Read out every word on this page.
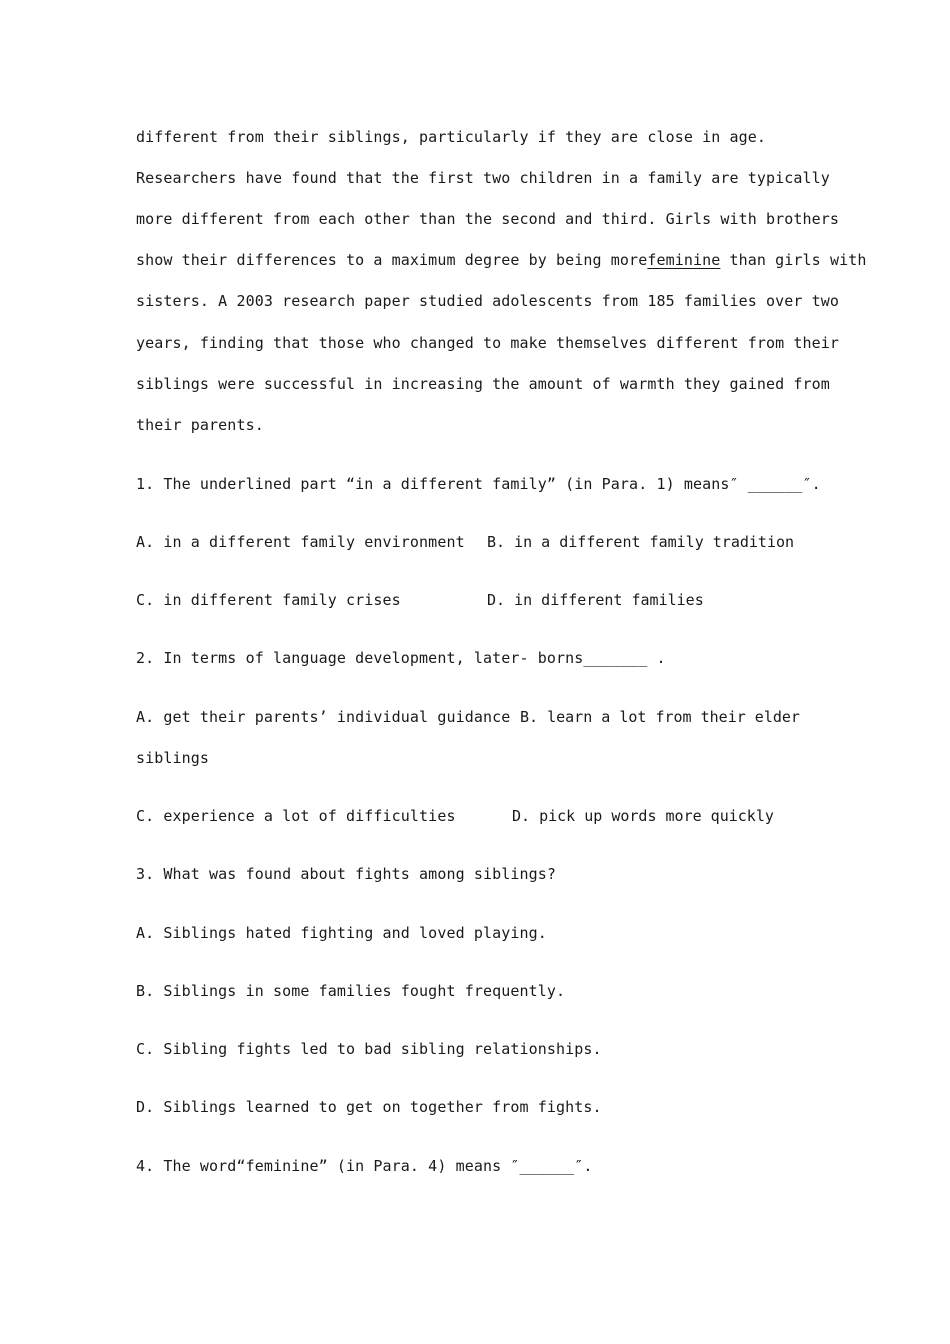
different from their siblings, particularly if they are close in age.
Researchers have found that the first two children in a family are typically
more different from each other than the second and third. Girls with brothers
show their differences to a maximum degree by being morefeminine than girls with
sisters. A 2003 research paper studied adolescents from 185 families over two
years, finding that those who changed to make themselves different from their
siblings were successful in increasing the amount of warmth they gained from
their parents.
1. The underlined part “in a different family” (in Para. 1) means″ ______″.
A. in a different family environment B. in a different family tradition
C. in different family crises	D. in different families
2. In terms of language development, later- borns_______ .
A. get their parents’ individual guidance B. learn a lot from their elder
siblings
C. experience a lot of difficulties	D. pick up words more quickly
3. What was found about fights among siblings?
A. Siblings hated fighting and loved playing.
B. Siblings in some families fought frequently.
C. Sibling fights led to bad sibling relationships.
D. Siblings learned to get on together from fights.
4. The word“feminine” (in Para. 4) means ″______″.
